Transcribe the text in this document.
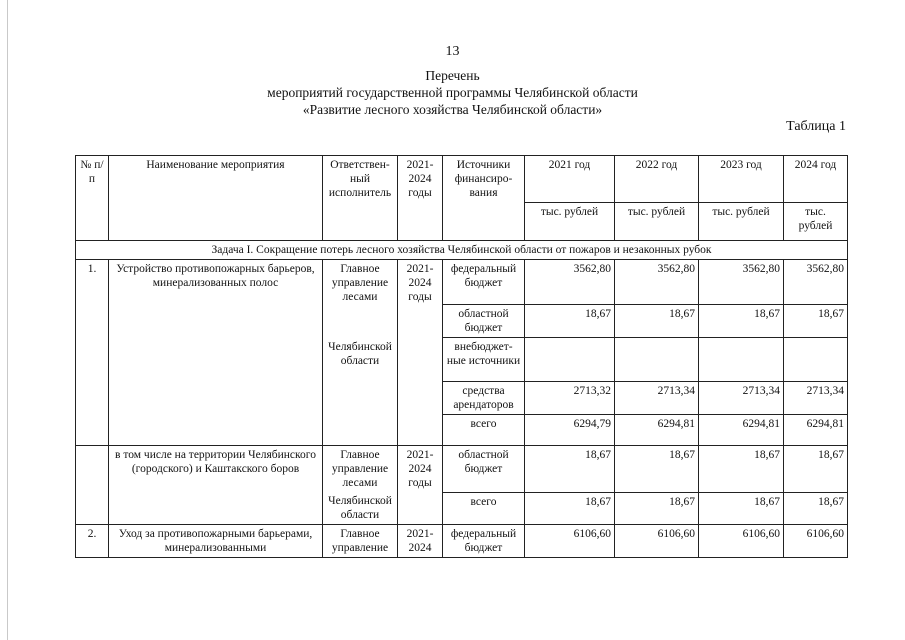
13
Перечень
мероприятий государственной программы Челябинской области
«Развитие лесного хозяйства Челябинской области»
Таблица 1
№ п/п	Наименование мероприятия	Ответствен-ный исполнитель	2021-2024 годы	Источники финансиро-вания	2021 год	2022 год	2023 год	2024 год
					тыс. рублей	тыс. рублей	тыс. рублей	тыс. рублей
Задача I. Сокращение потерь лесного хозяйства Челябинской области от пожаров и незаконных рубок								
1.	Устройство противопожарных барьеров, минерализованных полос	Главное управление лесами	2021-2024 годы	федеральный бюджет	3562,80	3562,80	3562,80	3562,80
				областной бюджет	18,67	18,67	18,67	18,67
		Челябинской области		внебюджет-ные источники				
				средства арендаторов	2713,32	2713,34	2713,34	2713,34
				всего	6294,79	6294,81	6294,81	6294,81
	в том числе на территории Челябинского (городского) и Каштакского боров	Главное управление лесами	2021-2024 годы	областной бюджет	18,67	18,67	18,67	18,67
		Челябинской области		всего	18,67	18,67	18,67	18,67
2.	Уход за противопожарными барьерами, минерализованными	Главное управление	2021-2024	федеральный бюджет	6106,60	6106,60	6106,60	6106,60
